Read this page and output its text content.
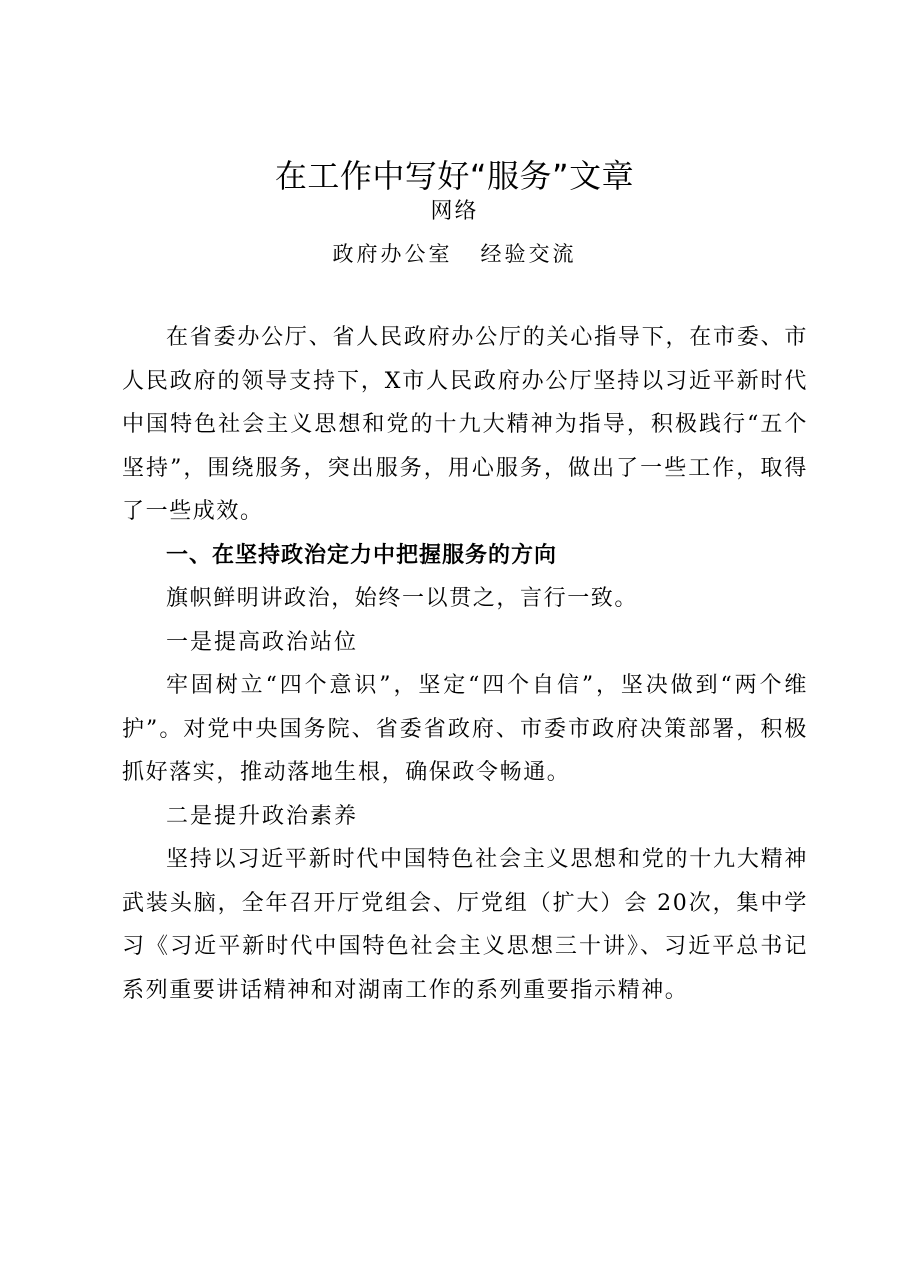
在工作中写好“服务”文章
网络
政府办公室 经验交流

在省委办公厅、省人民政府办公厅的关心指导下，在市委、市人民政府的领导支持下，X市人民政府办公厅坚持以习近平新时代中国特色社会主义思想和党的十九大精神为指导，积极践行“五个坚持”，围绕服务，突出服务，用心服务，做出了一些工作，取得了一些成效。

一、在坚持政治定力中把握服务的方向

旗帜鲜明讲政治，始终一以贯之，言行一致。

一是提高政治站位

牢固树立“四个意识”，坚定“四个自信”，坚决做到“两个维护”。对党中央国务院、省委省政府、市委市政府决策部署，积极抓好落实，推动落地生根，确保政令畅通。

二是提升政治素养

坚持以习近平新时代中国特色社会主义思想和党的十九大精神武装头脑，全年召开厅党组会、厅党组（扩大）会 20次，集中学习《习近平新时代中国特色社会主义思想三十讲》、习近平总书记系列重要讲话精神和对湖南工作的系列重要指示精神。
